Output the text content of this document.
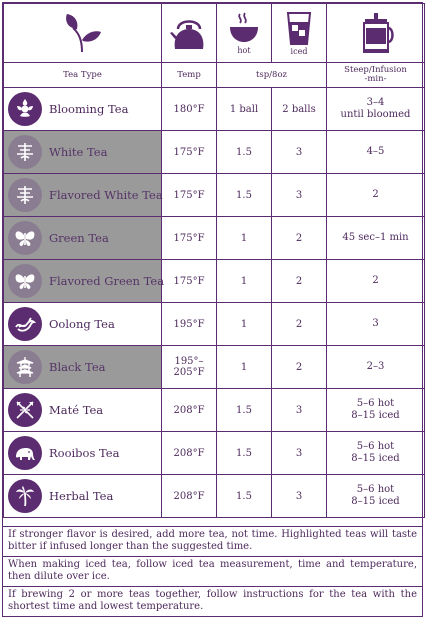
hot	iced

Tea Type	Temp	tsp/8oz		Steep/Infusion
-min-

Blooming Tea	180°F	1 ball	2 balls	3–4
until bloomed

White Tea	175°F	1.5	3	4–5

Flavored White Tea	175°F	1.5	3	2

Green Tea	175°F	1	2	45 sec–1 min

Flavored Green Tea	175°F	1	2	2

Oolong Tea	195°F	1	2	3

Black Tea	195°–205°F	1	2	2–3

Maté Tea	208°F	1.5	3	5–6 hot
8–15 iced

Rooibos Tea	208°F	1.5	3	5–6 hot
8–15 iced

Herbal Tea	208°F	1.5	3	5–6 hot
8–15 iced
If stronger flavor is desired, add more tea, not time. Highlighted teas will taste bitter if infused longer than the suggested time.
When making iced tea, follow iced tea measurement, time and temperature, then dilute over ice.
If brewing 2 or more teas together, follow instructions for the tea with the shortest time and lowest temperature.
